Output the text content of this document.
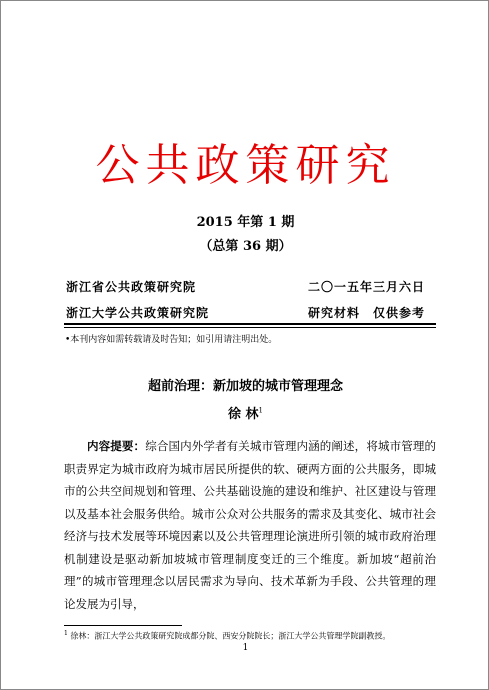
公共政策研究
2015 年第 1 期
（总第 36 期）
浙江省公共政策研究院	二〇一五年三月六日
浙江大学公共政策研究院	研究材料　仅供参考
•本刊内容如需转载请及时告知；如引用请注明出处。
超前治理：新加坡的城市管理理念
徐 林$^1$
内容提要：综合国内外学者有关城市管理内涵的阐述，将城市管理的职责界定为城市政府为城市居民所提供的软、硬两方面的公共服务，即城市的公共空间规划和管理、公共基础设施的建设和维护、社区建设与管理以及基本社会服务供给。城市公众对公共服务的需求及其变化、城市社会经济与技术发展等环境因素以及公共管理理论演进所引领的城市政府治理机制建设是驱动新加坡城市管理制度变迁的三个维度。新加坡“超前治理”的城市管理理念以居民需求为导向、技术革新为手段、公共管理的理论发展为引导，
$^1$ 徐林：浙江大学公共政策研究院成都分院、西安分院院长；浙江大学公共管理学院副教授。
1
